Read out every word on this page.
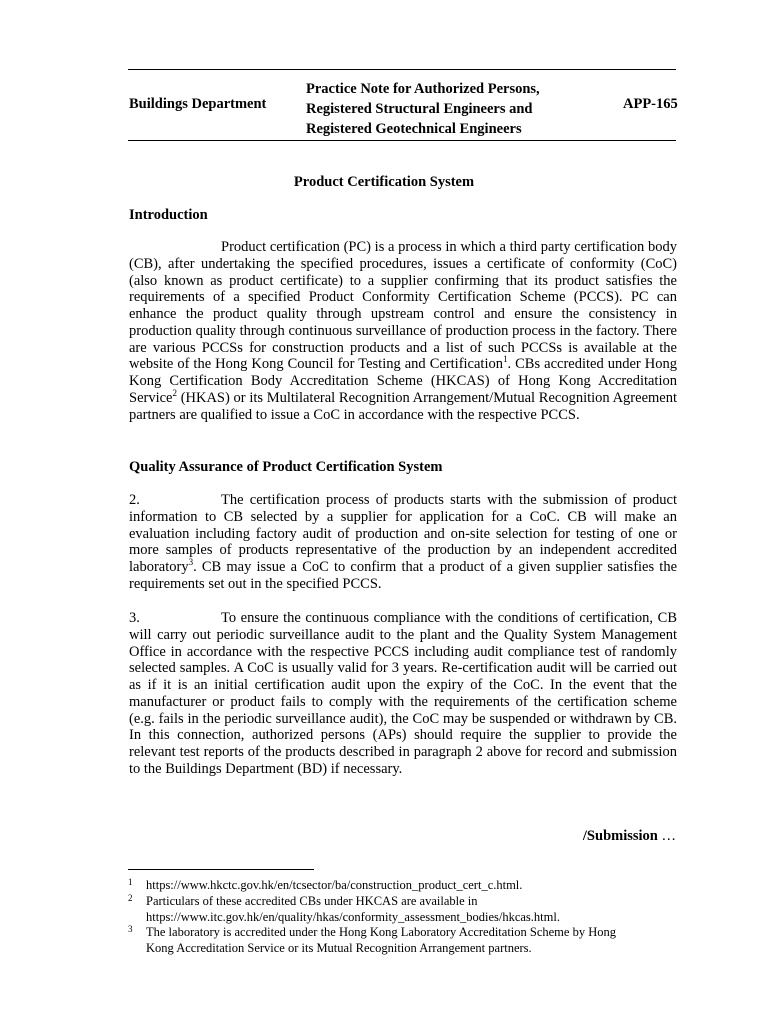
Buildings Department
Practice Note for Authorized Persons,
Registered Structural Engineers and
Registered Geotechnical Engineers
APP-165
Product Certification System
Introduction
Product certification (PC) is a process in which a third party certification body (CB), after undertaking the specified procedures, issues a certificate of conformity (CoC) (also known as product certificate) to a supplier confirming that its product satisfies the requirements of a specified Product Conformity Certification Scheme (PCCS). PC can enhance the product quality through upstream control and ensure the consistency in production quality through continuous surveillance of production process in the factory. There are various PCCSs for construction products and a list of such PCCSs is available at the website of the Hong Kong Council for Testing and Certification$^1$. CBs accredited under Hong Kong Certification Body Accreditation Scheme (HKCAS) of Hong Kong Accreditation Service$^2$ (HKAS) or its Multilateral Recognition Arrangement/Mutual Recognition Agreement partners are qualified to issue a CoC in accordance with the respective PCCS.
Quality Assurance of Product Certification System
2.	The certification process of products starts with the submission of product information to CB selected by a supplier for application for a CoC. CB will make an evaluation including factory audit of production and on-site selection for testing of one or more samples of products representative of the production by an independent accredited laboratory$^3$. CB may issue a CoC to confirm that a product of a given supplier satisfies the requirements set out in the specified PCCS.
3.	To ensure the continuous compliance with the conditions of certification, CB will carry out periodic surveillance audit to the plant and the Quality System Management Office in accordance with the respective PCCS including audit compliance test of randomly selected samples. A CoC is usually valid for 3 years. Re-certification audit will be carried out as if it is an initial certification audit upon the expiry of the CoC. In the event that the manufacturer or product fails to comply with the requirements of the certification scheme (e.g. fails in the periodic surveillance audit), the CoC may be suspended or withdrawn by CB. In this connection, authorized persons (APs) should require the supplier to provide the relevant test reports of the products described in paragraph 2 above for record and submission to the Buildings Department (BD) if necessary.
/Submission …
1	https://www.hkctc.gov.hk/en/tcsector/ba/construction_product_cert_c.html.
2	Particulars of these accredited CBs under HKCAS are available in
https://www.itc.gov.hk/en/quality/hkas/conformity_assessment_bodies/hkcas.html.
3	The laboratory is accredited under the Hong Kong Laboratory Accreditation Scheme by Hong
Kong Accreditation Service or its Mutual Recognition Arrangement partners.
